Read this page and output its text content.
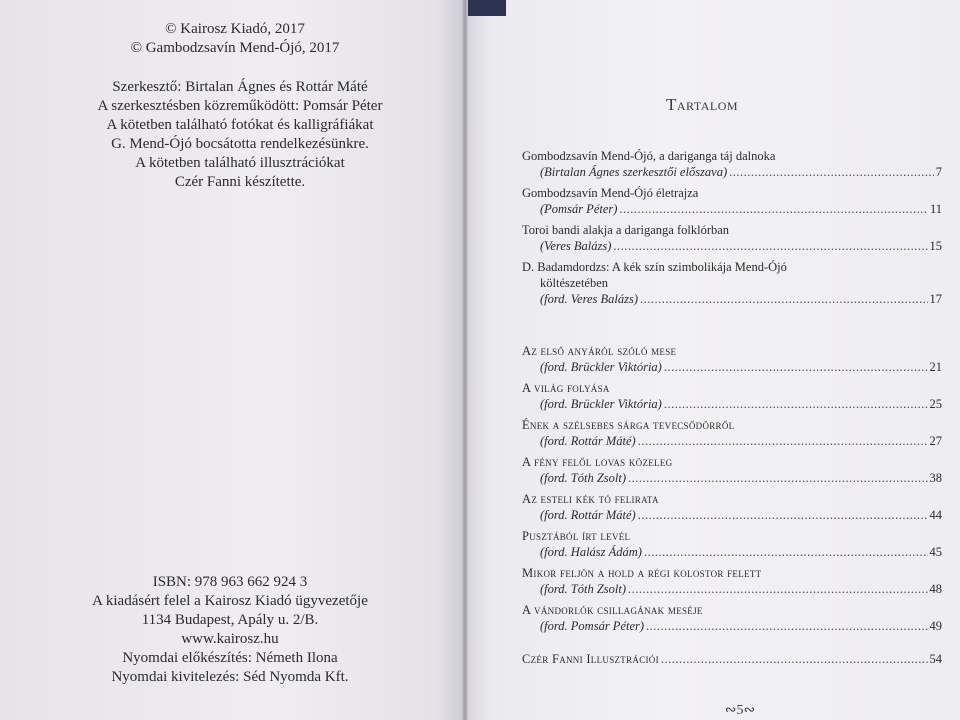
© Kairosz Kiadó, 2017
© Gambodzsavín Mend-Ójó, 2017
Szerkesztő: Birtalan Ágnes és Rottár Máté
A szerkesztésben közreműködött: Pomsár Péter
A kötetben található fotókat és kalligráfiákat
G. Mend-Ójó bocsátotta rendelkezésünkre.
A kötetben található illusztrációkat
Czér Fanni készítette.
ISBN: 978 963 662 924 3
A kiadásért felel a Kairosz Kiadó ügyvezetője
1134 Budapest, Apály u. 2/B.
www.kairosz.hu
Nyomdai előkészítés: Németh Ilona
Nyomdai kivitelezés: Séd Nyomda Kft.
Tartalom
Gombodzsavín Mend-Ójó, a dariganga táj dalnoka
(Birtalan Ágnes szerkesztői előszava) .....	7
Gombodzsavín Mend-Ójó életrajza
(Pomsár Péter) .....	11
Toroi bandi alakja a dariganga folklórban
(Veres Balázs) .....	15
D. Badamdordzs: A kék szín szimbolikája Mend-Ójó
költészetében
(ford. Veres Balázs) .....	17
Az első anyáról szóló mese
(ford. Brückler Viktória) .....	21
A világ folyása
(ford. Brückler Viktória) .....	25
Ének a szélsebes sárga tevecsődörről
(ford. Rottár Máté) .....	27
A fény felől lovas közeleg
(ford. Tóth Zsolt) .....	38
Az esteli kék tó felirata
(ford. Rottár Máté) .....	44
Pusztából írt levél
(ford. Halász Ádám) .....	45
Mikor feljön a hold a régi kolostor felett
(ford. Tóth Zsolt) .....	48
A vándorlók csillagának meséje
(ford. Pomsár Péter) .....	49
Czér Fanni Illusztrációi .....	54
∾5∾
